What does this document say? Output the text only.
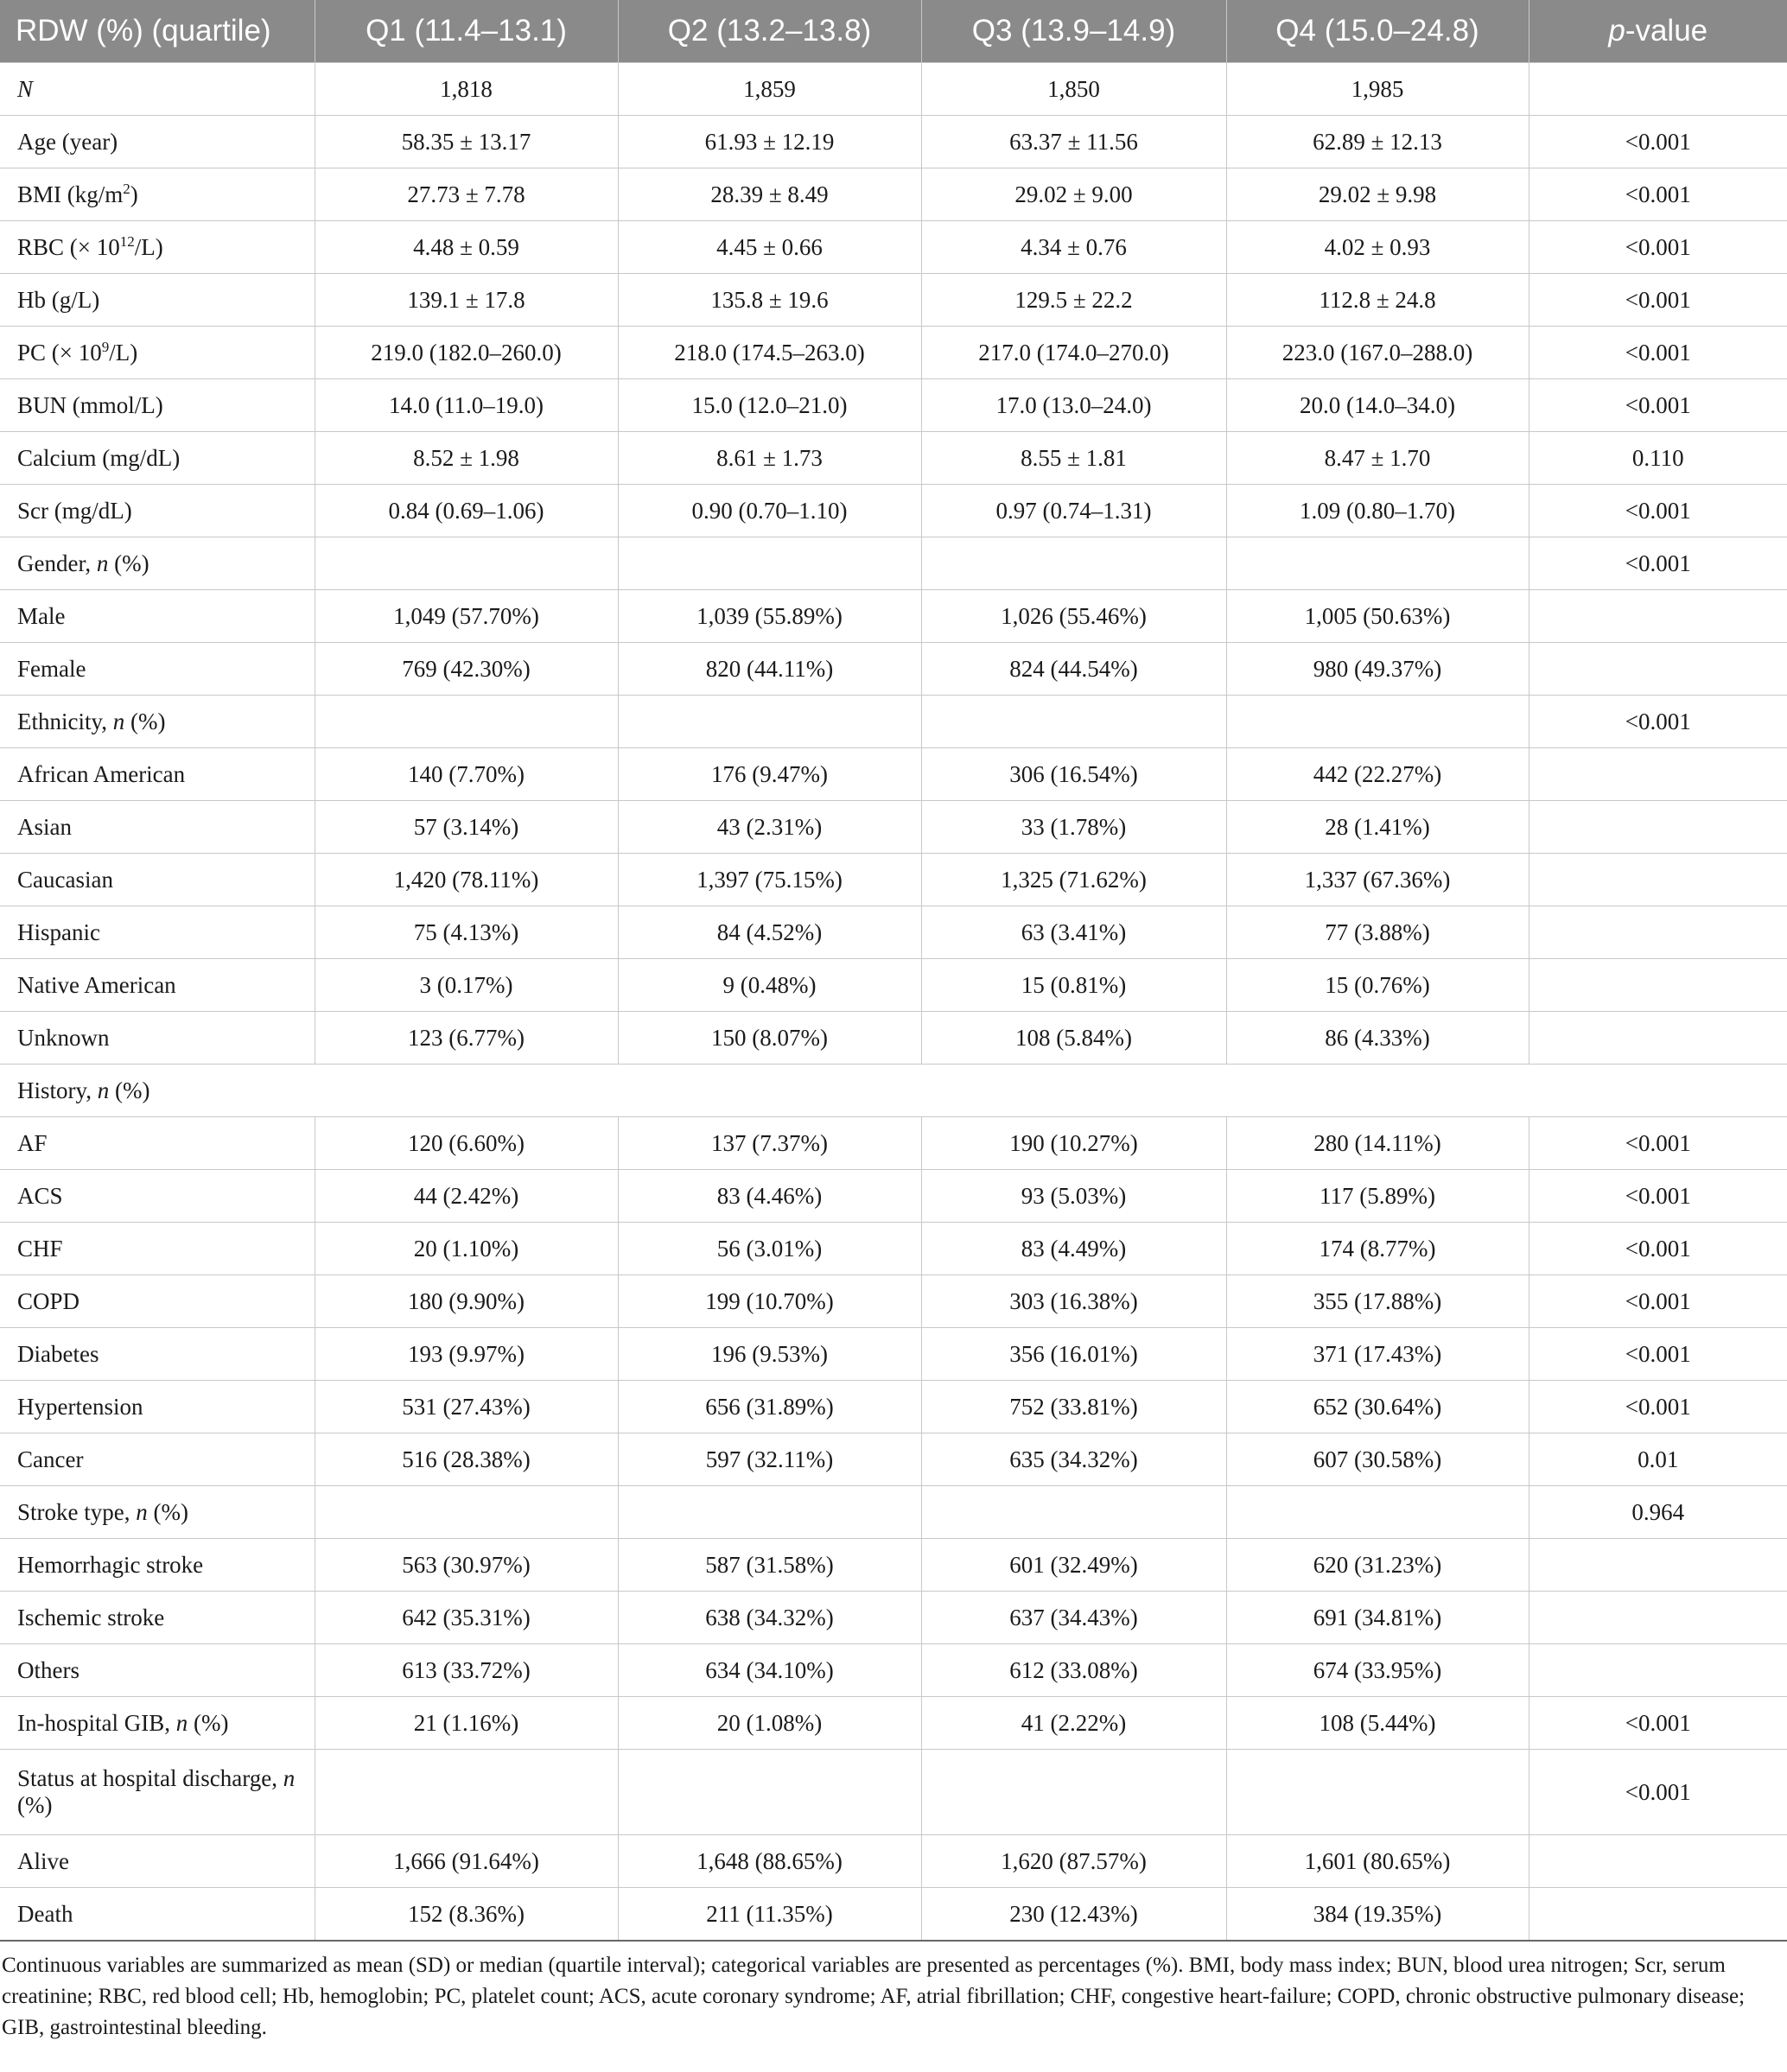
RDW (%) (quartile)	Q1 (11.4–13.1)	Q2 (13.2–13.8)	Q3 (13.9–14.9)	Q4 (15.0–24.8)	p-value
N	1,818	1,859	1,850	1,985	
Age (year)	58.35 ± 13.17	61.93 ± 12.19	63.37 ± 11.56	62.89 ± 12.13	<0.001
BMI $(kg/m^2)$	27.73 ± 7.78	28.39 ± 8.49	29.02 ± 9.00	29.02 ± 9.98	<0.001
RBC (× $10^{12}/L$)	4.48 ± 0.59	4.45 ± 0.66	4.34 ± 0.76	4.02 ± 0.93	<0.001
Hb (g/L)	139.1 ± 17.8	135.8 ± 19.6	129.5 ± 22.2	112.8 ± 24.8	<0.001
PC (× $10^9/L$)	219.0 (182.0–260.0)	218.0 (174.5–263.0)	217.0 (174.0–270.0)	223.0 (167.0–288.0)	<0.001
BUN (mmol/L)	14.0 (11.0–19.0)	15.0 (12.0–21.0)	17.0 (13.0–24.0)	20.0 (14.0–34.0)	<0.001
Calcium (mg/dL)	8.52 ± 1.98	8.61 ± 1.73	8.55 ± 1.81	8.47 ± 1.70	0.110
Scr (mg/dL)	0.84 (0.69–1.06)	0.90 (0.70–1.10)	0.97 (0.74–1.31)	1.09 (0.80–1.70)	<0.001
Gender, n (%)					<0.001
Male	1,049 (57.70%)	1,039 (55.89%)	1,026 (55.46%)	1,005 (50.63%)	
Female	769 (42.30%)	820 (44.11%)	824 (44.54%)	980 (49.37%)	
Ethnicity, n (%)					<0.001
African American	140 (7.70%)	176 (9.47%)	306 (16.54%)	442 (22.27%)	
Asian	57 (3.14%)	43 (2.31%)	33 (1.78%)	28 (1.41%)	
Caucasian	1,420 (78.11%)	1,397 (75.15%)	1,325 (71.62%)	1,337 (67.36%)	
Hispanic	75 (4.13%)	84 (4.52%)	63 (3.41%)	77 (3.88%)	
Native American	3 (0.17%)	9 (0.48%)	15 (0.81%)	15 (0.76%)	
Unknown	123 (6.77%)	150 (8.07%)	108 (5.84%)	86 (4.33%)	
History, n (%)					
AF	120 (6.60%)	137 (7.37%)	190 (10.27%)	280 (14.11%)	<0.001
ACS	44 (2.42%)	83 (4.46%)	93 (5.03%)	117 (5.89%)	<0.001
CHF	20 (1.10%)	56 (3.01%)	83 (4.49%)	174 (8.77%)	<0.001
COPD	180 (9.90%)	199 (10.70%)	303 (16.38%)	355 (17.88%)	<0.001
Diabetes	193 (9.97%)	196 (9.53%)	356 (16.01%)	371 (17.43%)	<0.001
Hypertension	531 (27.43%)	656 (31.89%)	752 (33.81%)	652 (30.64%)	<0.001
Cancer	516 (28.38%)	597 (32.11%)	635 (34.32%)	607 (30.58%)	0.01
Stroke type, n (%)					0.964
Hemorrhagic stroke	563 (30.97%)	587 (31.58%)	601 (32.49%)	620 (31.23%)	
Ischemic stroke	642 (35.31%)	638 (34.32%)	637 (34.43%)	691 (34.81%)	
Others	613 (33.72%)	634 (34.10%)	612 (33.08%)	674 (33.95%)	
In-hospital GIB, n (%)	21 (1.16%)	20 (1.08%)	41 (2.22%)	108 (5.44%)	<0.001
Status at hospital discharge, n (%)					<0.001
Alive	1,666 (91.64%)	1,648 (88.65%)	1,620 (87.57%)	1,601 (80.65%)	
Death	152 (8.36%)	211 (11.35%)	230 (12.43%)	384 (19.35%)	
Continuous variables are summarized as mean (SD) or median (quartile interval); categorical variables are presented as percentages (%). BMI, body mass index; BUN, blood urea nitrogen; Scr, serum creatinine; RBC, red blood cell; Hb, hemoglobin; PC, platelet count; ACS, acute coronary syndrome; AF, atrial fibrillation; CHF, congestive heart-failure; COPD, chronic obstructive pulmonary disease; GIB, gastrointestinal bleeding.
